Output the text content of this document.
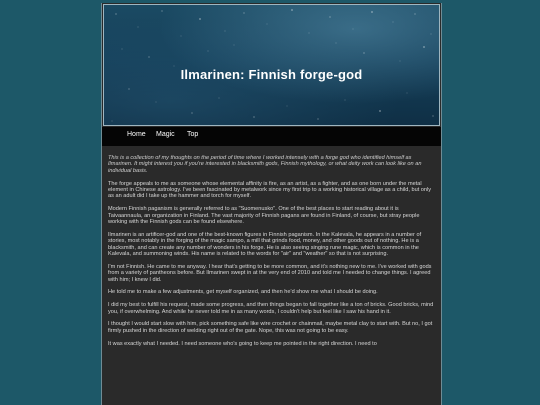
Ilmarinen: Finnish forge-god
Home Magic Top

This is a collection of my thoughts on the period of time where I worked intensely with a forge god who identified himself as Ilmarinen. It might interest you if you're interested in blacksmith gods, Finnish mythology, or what deity work can look like on an individual basis.

The forge appeals to me as someone whose elemental affinity is fire, as an artist, as a fighter, and as one born under the metal element in Chinese astrology. I've been fascinated by metalwork since my first trip to a working historical village as a child, but only as an adult did I take up the hammer and torch for myself.

Modern Finnish paganism is generally referred to as "Suomenusko". One of the best places to start reading about it is Taivaannaula, an organization in Finland. The vast majority of Finnish pagans are found in Finland, of course, but stray people working with the Finnish gods can be found elsewhere.

Ilmarinen is an artificer-god and one of the best-known figures in Finnish paganism. In the Kalevala, he appears in a number of stories, most notably in the forging of the magic sampo, a mill that grinds food, money, and other goods out of nothing. He is a blacksmith, and can create any number of wonders in his forge. He is also seeing singing rune magic, which is common in the Kalevala, and summoning winds. His name is related to the words for "air" and "weather" so that is not surprising.

I'm not Finnish. He came to me anyway. I hear that's getting to be more common, and it's nothing new to me. I've worked with gods from a variety of pantheons before. But Ilmarinen swept in at the very end of 2010 and told me I needed to change things. I agreed with him; I knew I did.

He told me to make a few adjustments, get myself organized, and then he'd show me what I should be doing.

I did my best to fulfill his request, made some progress, and then things began to fall together like a ton of bricks. Good bricks, mind you, if overwhelming. And while he never told me in as many words, I couldn't help but feel like I saw his hand in it.

I thought I would start slow with him, pick something safe like wire crochet or chainmail, maybe metal clay to start with. But no, I got firmly pushed in the direction of welding right out of the gate. Nope, this was not going to be easy.

It was exactly what I needed. I need someone who's going to keep me pointed in the right direction. I need to
